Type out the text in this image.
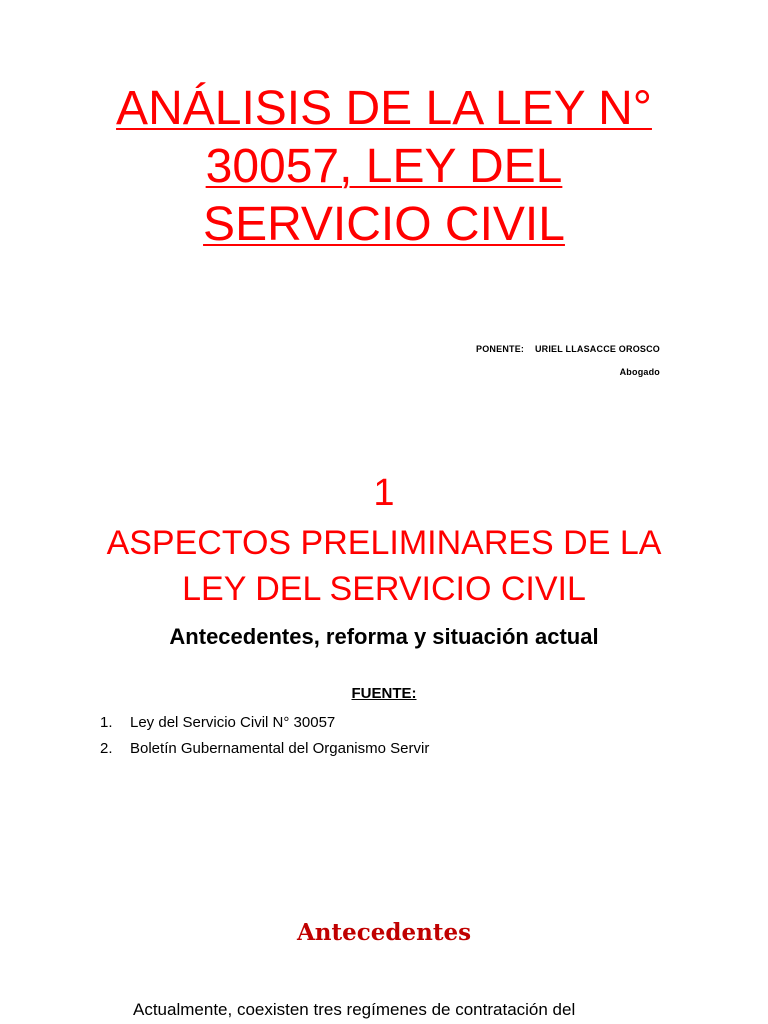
ANÁLISIS DE LA LEY N°
30057, LEY DEL
SERVICIO CIVIL
PONENTE: URIEL LLASACCE OROSCO
Abogado
1
ASPECTOS PRELIMINARES DE LA
LEY DEL SERVICIO CIVIL
Antecedentes, reforma y situación actual
FUENTE:
1. Ley del Servicio Civil N° 30057
2. Boletín Gubernamental del Organismo Servir
Antecedentes

Actualmente, coexisten tres regímenes de contratación del
